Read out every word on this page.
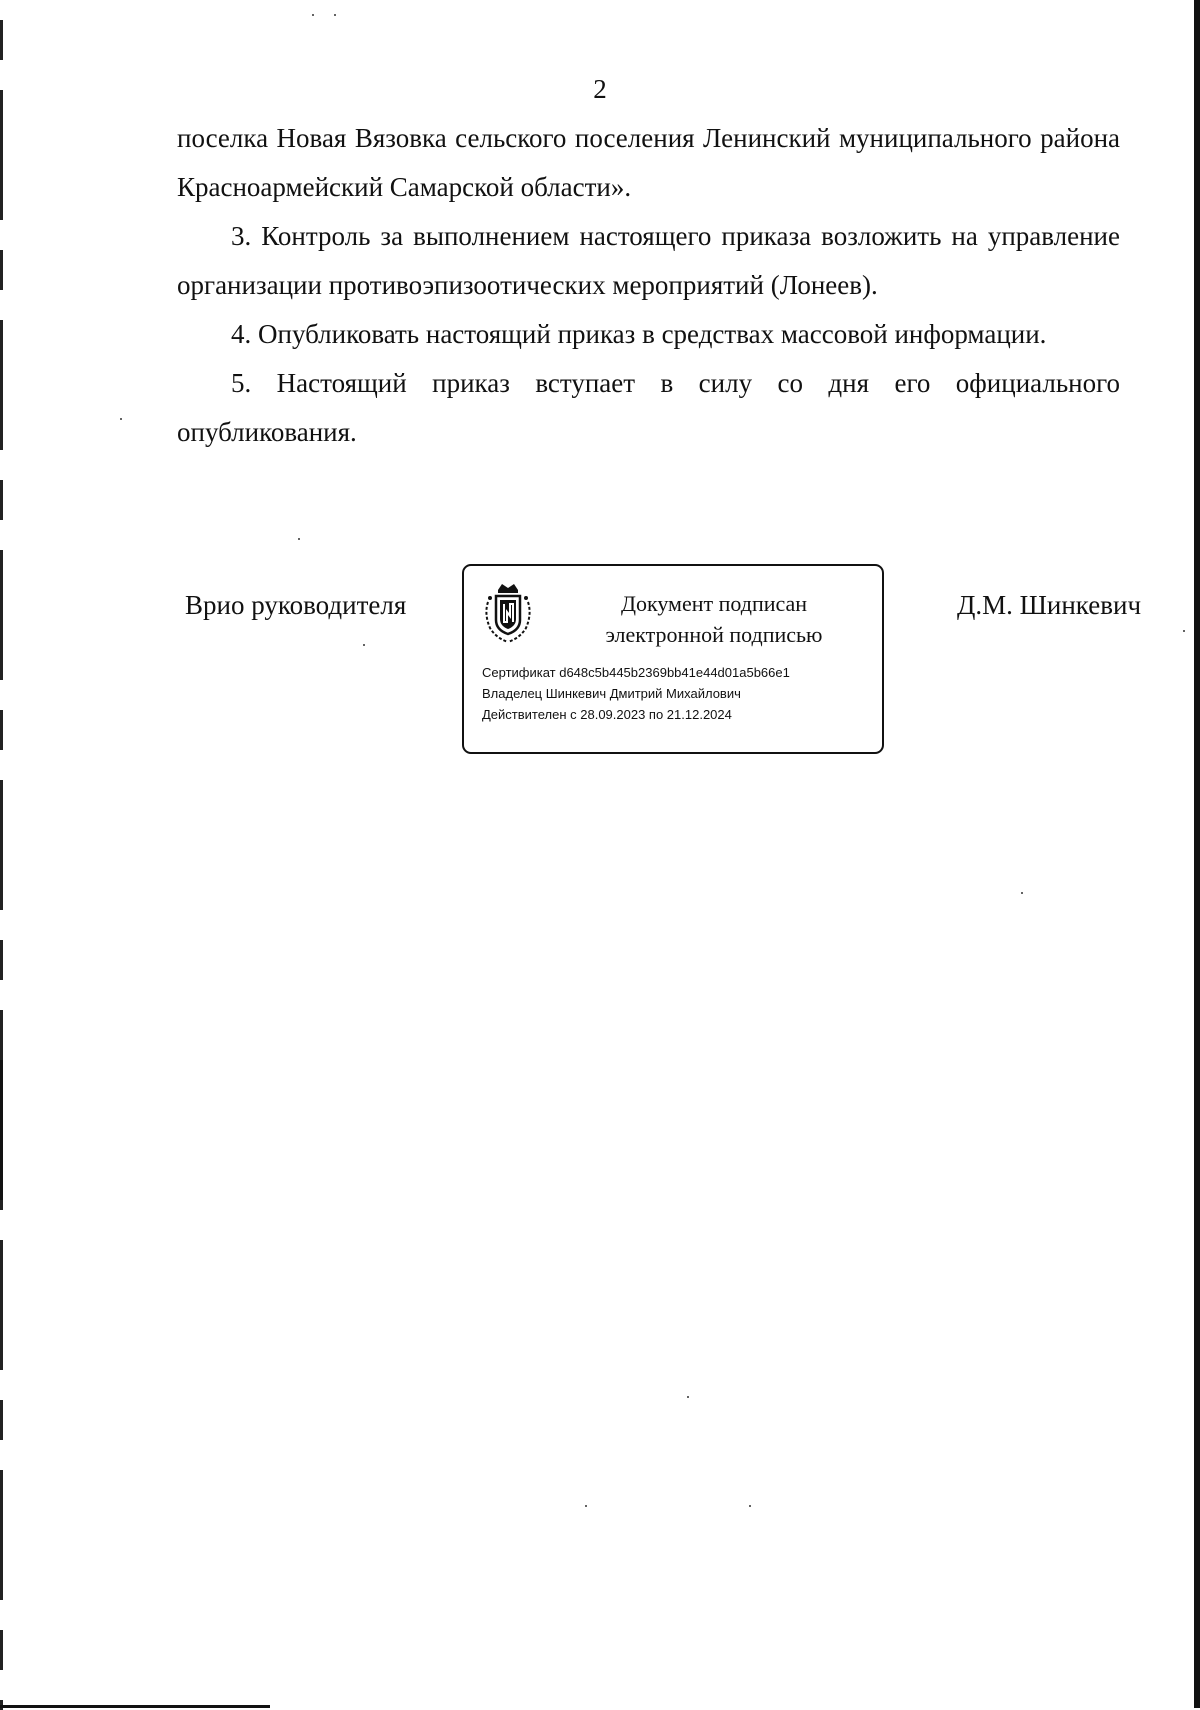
2

поселка Новая Вязовка сельского поселения Ленинский муниципального района Красноармейский Самарской области».

3. Контроль за выполнением настоящего приказа возложить на управление организации противоэпизоотических мероприятий (Лонеев).

4. Опубликовать настоящий приказ в средствах массовой информации.

5. Настоящий приказ вступает в силу со дня его официального опубликования.

Врио руководителя	Д.М. Шинкевич
Документ подписан
электронной подписью
Сертификат d648c5b445b2369bb41e44d01a5b66e1
Владелец Шинкевич Дмитрий Михайлович
Действителен с 28.09.2023 по 21.12.2024
